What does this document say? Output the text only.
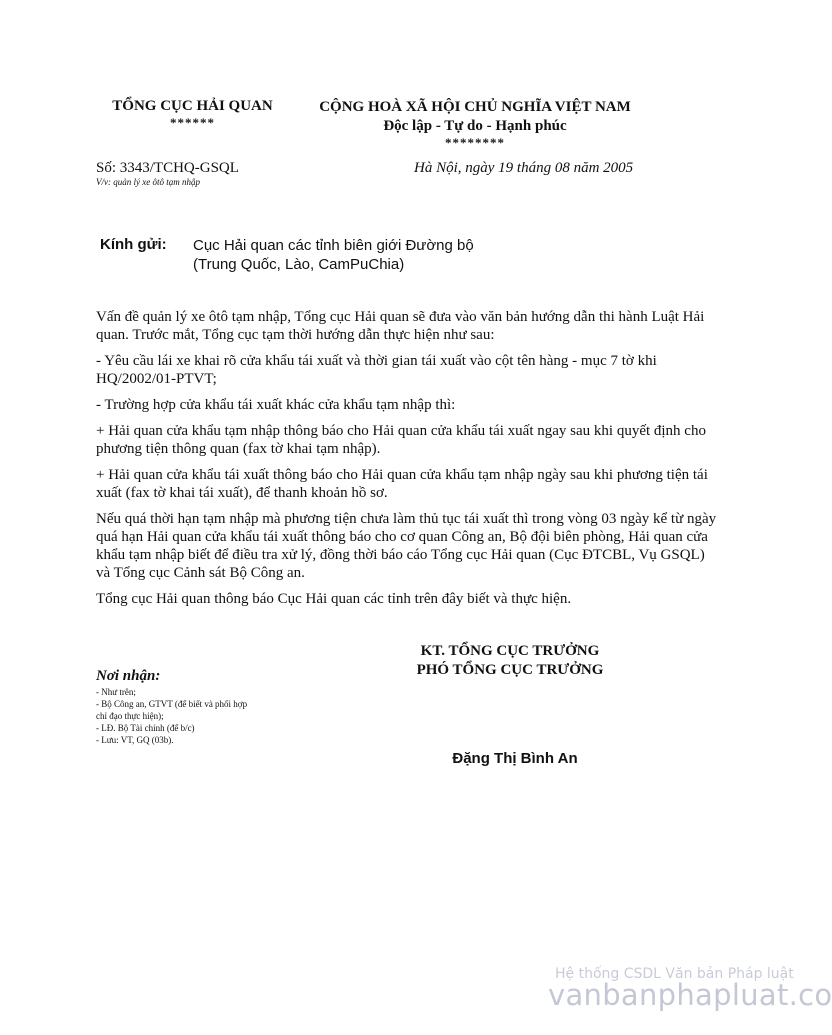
TỔNG CỤC HẢI QUAN
******
CỘNG HOÀ XÃ HỘI CHỦ NGHĨA VIỆT NAM
Độc lập - Tự do - Hạnh phúc
********
Số: 3343/TCHQ-GSQL
V/v: quản lý xe ôtô tạm nhập
Hà Nội, ngày 19 tháng 08 năm 2005
Kính gửi: Cục Hải quan các tỉnh biên giới Đường bộ
(Trung Quốc, Lào, CamPuChia)

Vấn đề quản lý xe ôtô tạm nhập, Tổng cục Hải quan sẽ đưa vào văn bản hướng dẫn thi hành Luật Hải quan. Trước mắt, Tổng cục tạm thời hướng dẫn thực hiện như sau:

- Yêu cầu lái xe khai rõ cửa khẩu tái xuất và thời gian tái xuất vào cột tên hàng - mục 7 tờ khi HQ/2002/01-PTVT;

- Trường hợp cửa khẩu tái xuất khác cửa khẩu tạm nhập thì:

+ Hải quan cửa khẩu tạm nhập thông báo cho Hải quan cửa khẩu tái xuất ngay sau khi quyết định cho phương tiện thông quan (fax tờ khai tạm nhập).

+ Hải quan cửa khẩu tái xuất thông báo cho Hải quan cửa khẩu tạm nhập ngày sau khi phương tiện tái xuất (fax tờ khai tái xuất), để thanh khoản hồ sơ.

Nếu quá thời hạn tạm nhập mà phương tiện chưa làm thủ tục tái xuất thì trong vòng 03 ngày kể từ ngày quá hạn Hải quan cửa khẩu tái xuất thông báo cho cơ quan Công an, Bộ đội biên phòng, Hải quan cửa khẩu tạm nhập biết để điều tra xử lý, đồng thời báo cáo Tổng cục Hải quan (Cục ĐTCBL, Vụ GSQL) và Tổng cục Cảnh sát Bộ Công an.

Tổng cục Hải quan thông báo Cục Hải quan các tỉnh trên đây biết và thực hiện.

KT. TỔNG CỤC TRƯỞNG
PHÓ TỔNG CỤC TRƯỞNG
Đặng Thị Bình An
Nơi nhận:
- Như trên;
- Bộ Công an, GTVT (để biết và phối hợp chỉ đạo thực hiện);
- LĐ. Bộ Tài chính (để b/c)
- Lưu: VT, GQ (03b).
Hệ thống CSDL Văn bản Pháp luật
vanbanphapluat.co
